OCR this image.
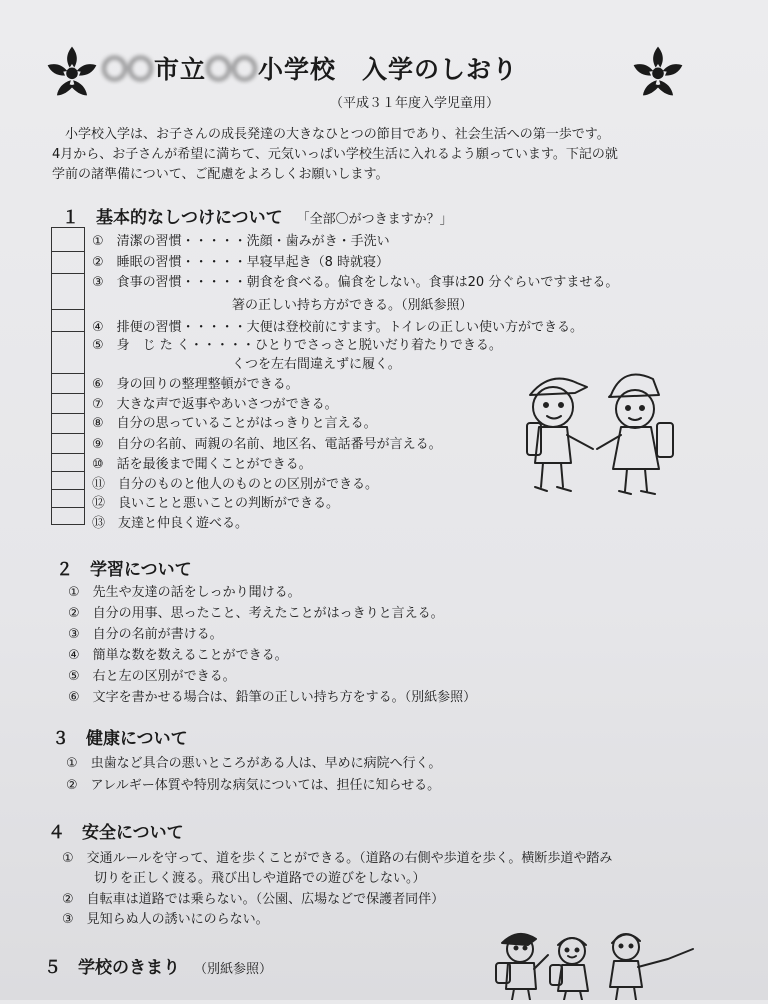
〇〇市立〇〇小学校　入学のしおり
（平成３１年度入学児童用）
小学校入学は、お子さんの成長発達の大きなひとつの節目であり、社会生活への第一歩です。
4月から、お子さんが希望に満ちて、元気いっぱい学校生活に入れるよう願っています。下記の就
学前の諸準備について、ご配慮をよろしくお願いします。
１　基本的なしつけについて 「全部〇がつきますか？」
①　清潔の習慣・・・・・洗顔・歯みがき・手洗い
②　睡眠の習慣・・・・・早寝早起き（8 時就寝）
③　食事の習慣・・・・・朝食を食べる。偏食をしない。食事は20 分ぐらいですませる。
箸の正しい持ち方ができる。（別紙参照）
④　排便の習慣・・・・・大便は登校前にすます。トイレの正しい使い方ができる。
⑤　身　じ た く・・・・・ひとりでさっさと脱いだり着たりできる。
くつを左右間違えずに履く。
⑥　身の回りの整理整頓ができる。
⑦　大きな声で返事やあいさつができる。
⑧　自分の思っていることがはっきりと言える。
⑨　自分の名前、両親の名前、地区名、電話番号が言える。
⑩　話を最後まで聞くことができる。
⑪　自分のものと他人のものとの区別ができる。
⑫　良いことと悪いことの判断ができる。
⑬　友達と仲良く遊べる。
２　学習について
①　先生や友達の話をしっかり聞ける。
②　自分の用事、思ったこと、考えたことがはっきりと言える。
③　自分の名前が書ける。
④　簡単な数を数えることができる。
⑤　右と左の区別ができる。
⑥　文字を書かせる場合は、鉛筆の正しい持ち方をする。（別紙参照）
３　健康について
①　虫歯など具合の悪いところがある人は、早めに病院へ行く。
②　アレルギー体質や特別な病気については、担任に知らせる。
４　安全について
①　交通ルールを守って、道を歩くことができる。（道路の右側や歩道を歩く。横断歩道や踏み
切りを正しく渡る。飛び出しや道路での遊びをしない。）
②　自転車は道路では乗らない。（公園、広場などで保護者同伴）
③　見知らぬ人の誘いにのらない。
５　学校のきまり （別紙参照）
